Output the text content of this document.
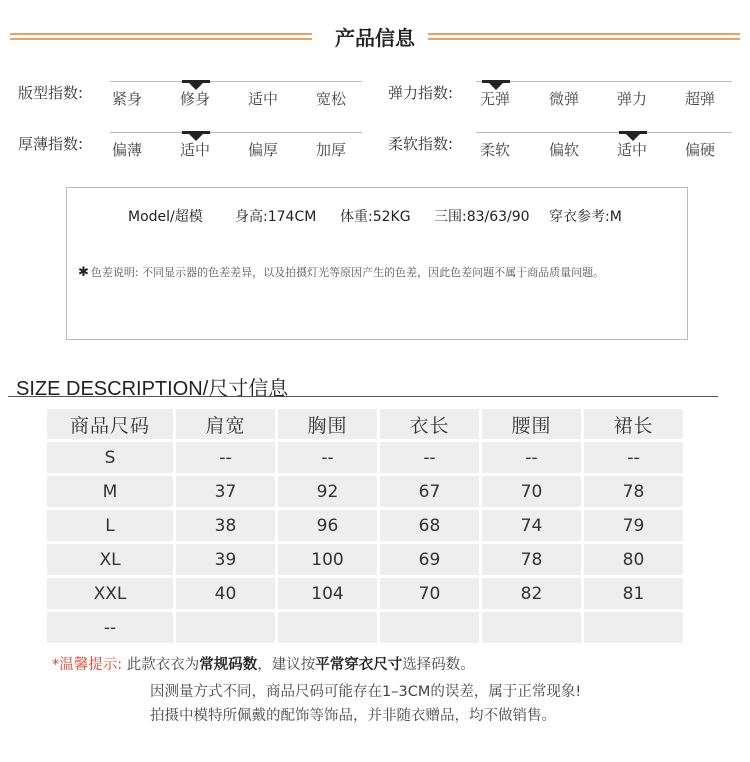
产品信息
版型指数: 紧身	修身	适中	宽松	弹力指数: 无弹	微弹	弹力	超弹
厚薄指数: 偏薄	适中	偏厚	加厚	柔软指数: 柔软	偏软	适中	偏硬
Model/超模 身高:174CM 体重:52KG 三围:83/63/90 穿衣参考:M
✱ 色差说明: 不同显示器的色差差异，以及拍摄灯光等原因产生的色差，因此色差问题不属于商品质量问题。
SIZE DESCRIPTION/尺寸信息
商品尺码	肩宽	胸围	衣长	腰围	裙长
S	--	--	--	--	--
M	37	92	67	70	78
L	38	96	68	74	79
XL	39	100	69	78	80
XXL	40	104	70	82	81
--					
*温馨提示: 此款衣衣为常规码数，建议按平常穿衣尺寸选择码数。
因测量方式不同，商品尺码可能存在1–3CM的误差，属于正常现象!
拍摄中模特所佩戴的配饰等饰品，并非随衣赠品，均不做销售。
